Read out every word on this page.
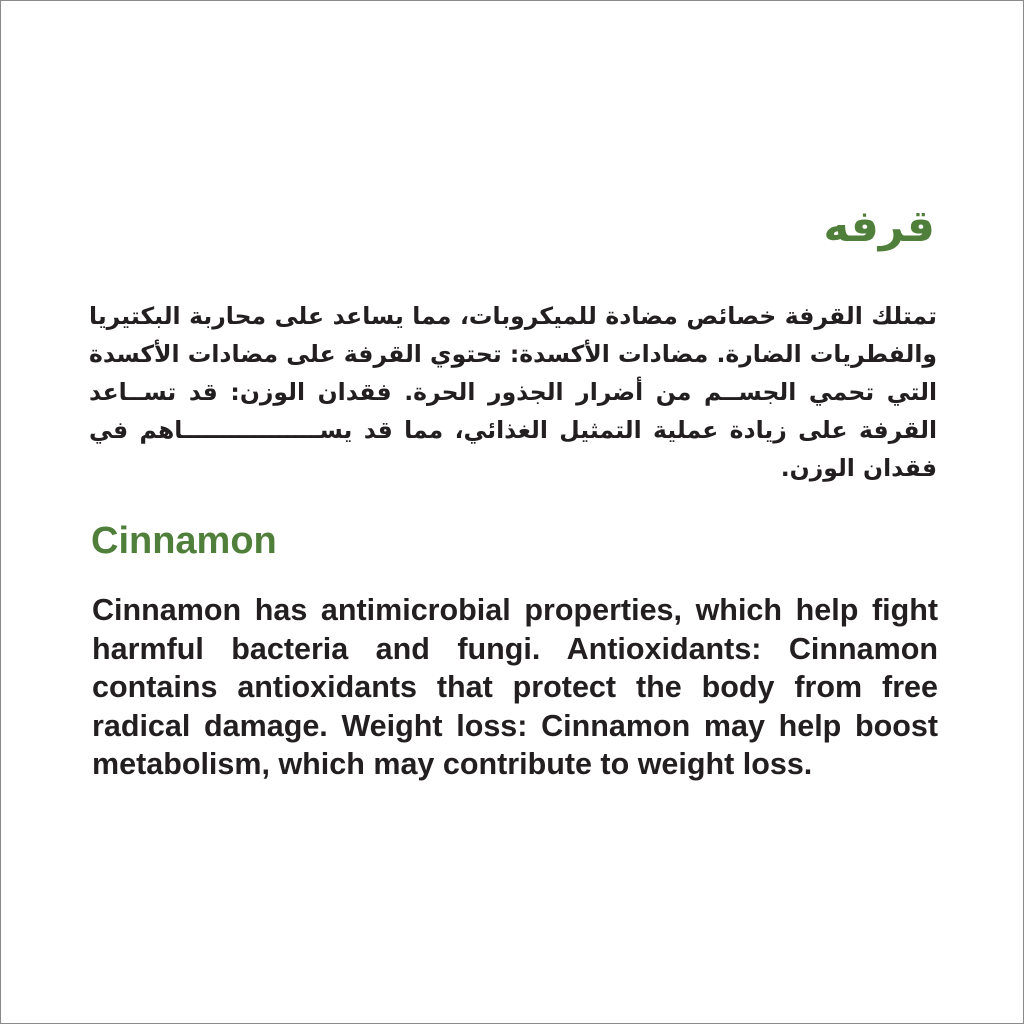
قرفه

تمتلك القرفة خصائص مضادة للميكروبات، مما يساعد على محاربة البكتيريا والفطريات الضارة. مضادات الأكسدة: تحتوي القرفة على مضادات الأكسدة التي تحمي الجســم من أضرار الجذور الحرة. فقدان الوزن: قد تســاعد القرفة على زيادة عملية التمثيل الغذائي، مما قد يســـــــــــــــــاهم في فقدان الوزن.

Cinnamon

Cinnamon has antimicrobial properties, which help fight harmful bacteria and fungi. Antioxidants: Cinnamon contains antioxidants that protect the body from free radical damage. Weight loss: Cinnamon may help boost metabolism, which may contribute to weight loss.
